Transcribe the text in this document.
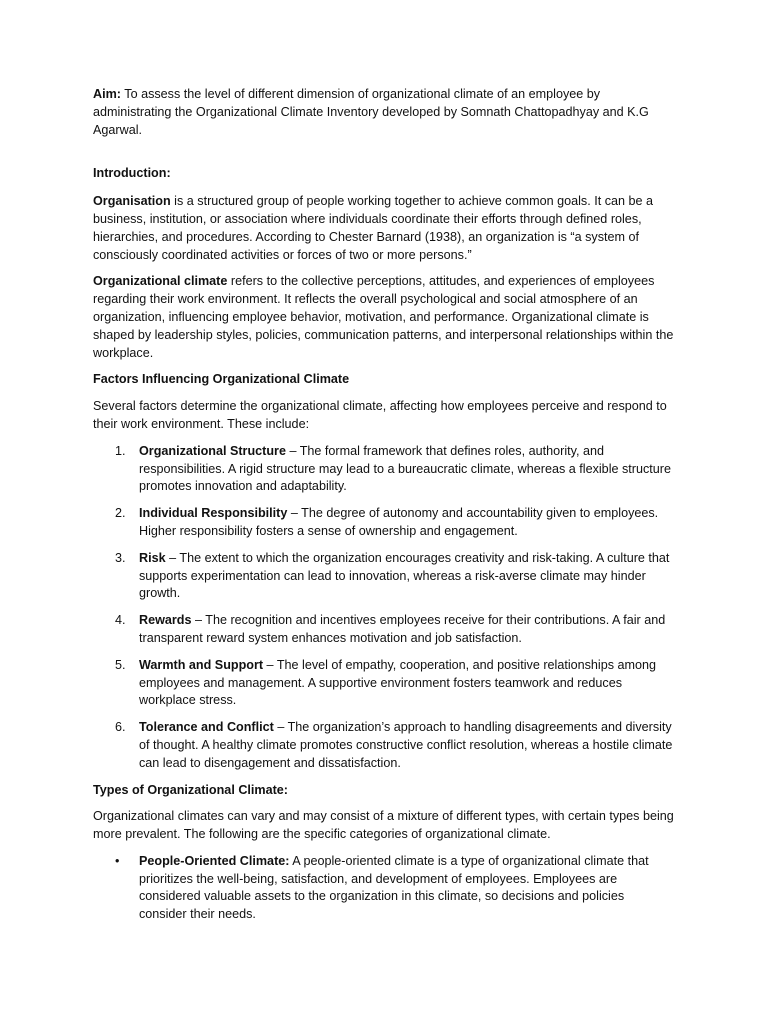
Aim: To assess the level of different dimension of organizational climate of an employee by administrating the Organizational Climate Inventory developed by Somnath Chattopadhyay and K.G Agarwal.

Introduction:

Organisation is a structured group of people working together to achieve common goals. It can be a business, institution, or association where individuals coordinate their efforts through defined roles, hierarchies, and procedures. According to Chester Barnard (1938), an organization is “a system of consciously coordinated activities or forces of two or more persons.”

Organizational climate refers to the collective perceptions, attitudes, and experiences of employees regarding their work environment. It reflects the overall psychological and social atmosphere of an organization, influencing employee behavior, motivation, and performance. Organizational climate is shaped by leadership styles, policies, communication patterns, and interpersonal relationships within the workplace.

Factors Influencing Organizational Climate

Several factors determine the organizational climate, affecting how employees perceive and respond to their work environment. These include:

1. Organizational Structure – The formal framework that defines roles, authority, and responsibilities. A rigid structure may lead to a bureaucratic climate, whereas a flexible structure promotes innovation and adaptability.
2. Individual Responsibility – The degree of autonomy and accountability given to employees. Higher responsibility fosters a sense of ownership and engagement.
3. Risk – The extent to which the organization encourages creativity and risk-taking. A culture that supports experimentation can lead to innovation, whereas a risk-averse climate may hinder growth.
4. Rewards – The recognition and incentives employees receive for their contributions. A fair and transparent reward system enhances motivation and job satisfaction.
5. Warmth and Support – The level of empathy, cooperation, and positive relationships among employees and management. A supportive environment fosters teamwork and reduces workplace stress.
6. Tolerance and Conflict – The organization’s approach to handling disagreements and diversity of thought. A healthy climate promotes constructive conflict resolution, whereas a hostile climate can lead to disengagement and dissatisfaction.

Types of Organizational Climate:

Organizational climates can vary and may consist of a mixture of different types, with certain types being more prevalent. The following are the specific categories of organizational climate.

• People-Oriented Climate: A people-oriented climate is a type of organizational climate that prioritizes the well-being, satisfaction, and development of employees. Employees are considered valuable assets to the organization in this climate, so decisions and policies consider their needs.
